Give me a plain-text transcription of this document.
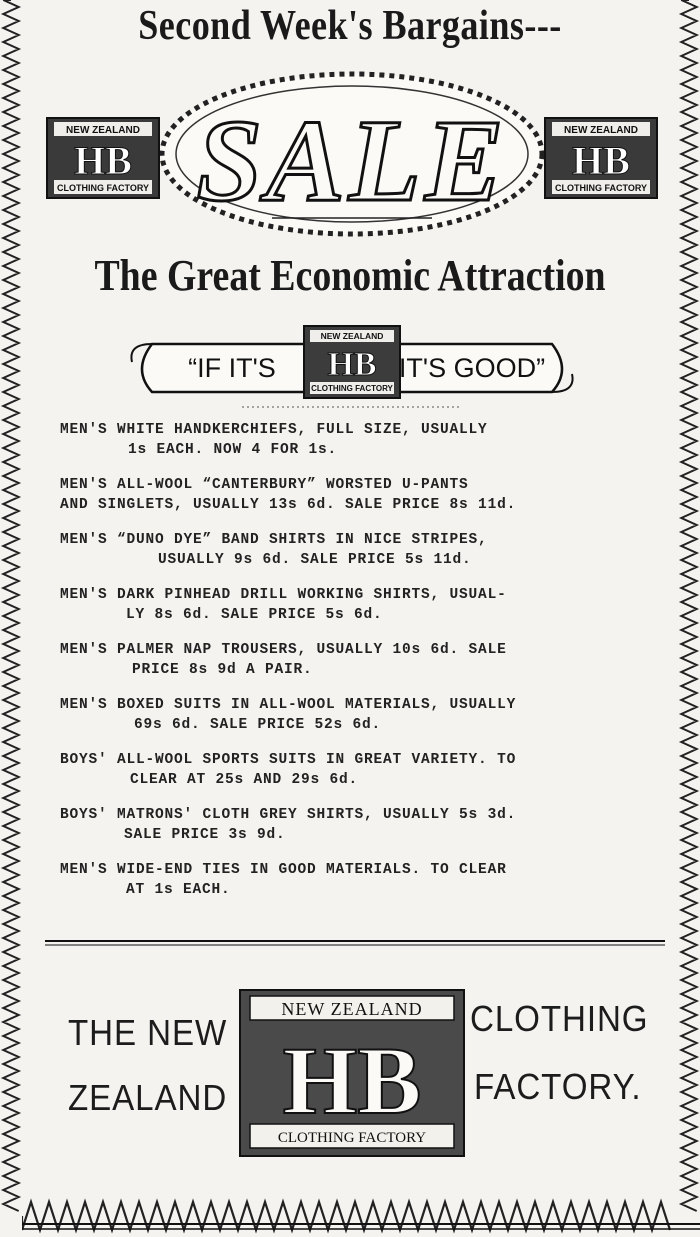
Second Week's Bargains---
NEW ZEALAND
HB
CLOTHING FACTORY
NEW ZEALAND
HB
CLOTHING FACTORY
SALE
The Great Economic Attraction
NEW ZEALAND
HB
CLOTHING FACTORY
“IF IT'S	IT'S GOOD”
MEN'S WHITE HANDKERCHIEFS, FULL SIZE, USUALLY
1s EACH. NOW 4 FOR 1s.
MEN'S ALL-WOOL “CANTERBURY” WORSTED U-PANTS
AND SINGLETS, USUALLY 13s 6d. SALE PRICE 8s 11d.
MEN'S “DUNO DYE” BAND SHIRTS IN NICE STRIPES,
USUALLY 9s 6d. SALE PRICE 5s 11d.
MEN'S DARK PINHEAD DRILL WORKING SHIRTS, USUAL-
LY 8s 6d. SALE PRICE 5s 6d.
MEN'S PALMER NAP TROUSERS, USUALLY 10s 6d. SALE
PRICE 8s 9d A PAIR.
MEN'S BOXED SUITS IN ALL-WOOL MATERIALS, USUALLY
69s 6d. SALE PRICE 52s 6d.
BOYS' ALL-WOOL SPORTS SUITS IN GREAT VARIETY. TO
CLEAR AT 25s AND 29s 6d.
BOYS' MATRONS' CLOTH GREY SHIRTS, USUALLY 5s 3d.
SALE PRICE 3s 9d.
MEN'S WIDE-END TIES IN GOOD MATERIALS. TO CLEAR
AT 1s EACH.
THE NEW	CLOTHING
ZEALAND	FACTORY.
NEW ZEALAND
HB
CLOTHING FACTORY
